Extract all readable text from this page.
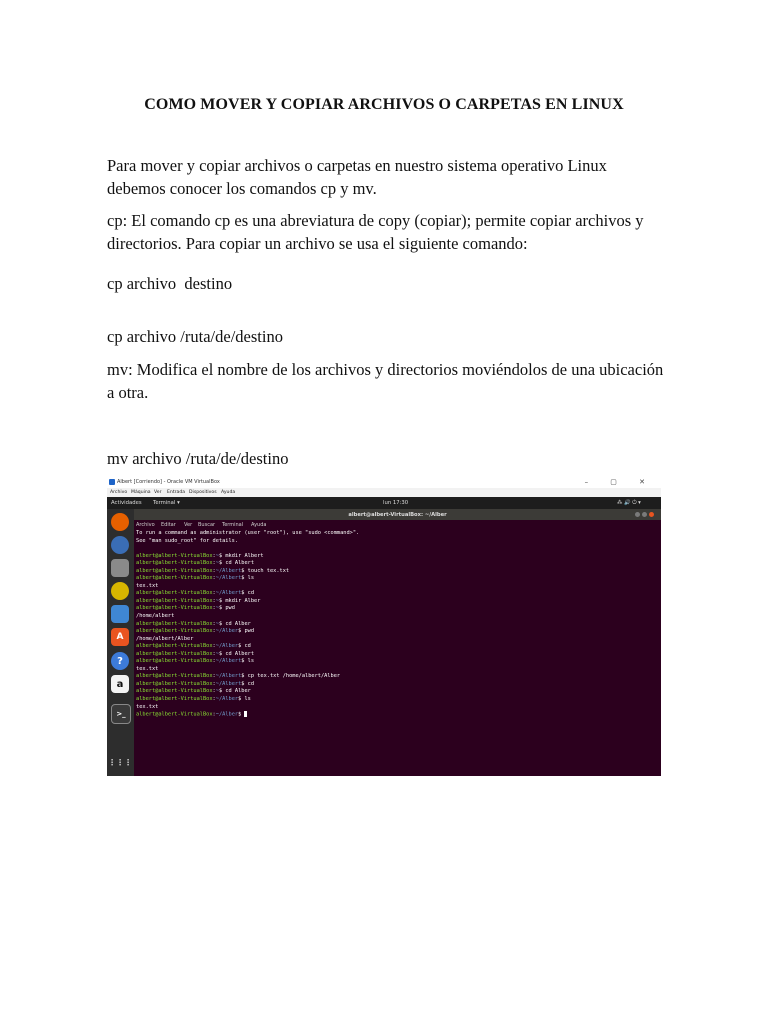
COMO MOVER Y COPIAR ARCHIVOS O CARPETAS EN LINUX

Para mover y copiar archivos o carpetas en nuestro sistema operativo Linux debemos conocer los comandos cp y mv.

cp: El comando cp es una abreviatura de copy (copiar); permite copiar archivos y directorios. Para copiar un archivo se usa el siguiente comando:

cp archivo  destino

cp archivo /ruta/de/destino

mv: Modifica el nombre de los archivos y directorios moviéndolos de una ubicación a otra.

mv archivo /ruta/de/destino

Albert [Corriendo] - Oracle VM VirtualBox	– ▢ ✕
Archivo Máquina Ver Entrada Dispositivos Ayuda
Actividades Terminal ▾	lun 17:30	⁂ 🔊 ⏻ ▾
A
?
a
>_
⋮⋮⋮
albert@albert-VirtualBox: ~/Alber
Archivo Editar Ver Buscar Terminal Ayuda
To run a command as administrator (user "root"), use "sudo <command>".
See "man sudo_root" for details.

albert@albert-VirtualBox:~$ mkdir Albert
albert@albert-VirtualBox:~$ cd Albert
albert@albert-VirtualBox:~/Albert$ touch tex.txt
albert@albert-VirtualBox:~/Albert$ ls
tex.txt
albert@albert-VirtualBox:~/Albert$ cd
albert@albert-VirtualBox:~$ mkdir Alber
albert@albert-VirtualBox:~$ pwd
/home/albert
albert@albert-VirtualBox:~$ cd Alber
albert@albert-VirtualBox:~/Alber$ pwd
/home/albert/Alber
albert@albert-VirtualBox:~/Alber$ cd
albert@albert-VirtualBox:~$ cd Albert
albert@albert-VirtualBox:~/Albert$ ls
tex.txt
albert@albert-VirtualBox:~/Albert$ cp tex.txt /home/albert/Alber
albert@albert-VirtualBox:~/Albert$ cd
albert@albert-VirtualBox:~$ cd Alber
albert@albert-VirtualBox:~/Alber$ ls
tex.txt
albert@albert-VirtualBox:~/Alber$
